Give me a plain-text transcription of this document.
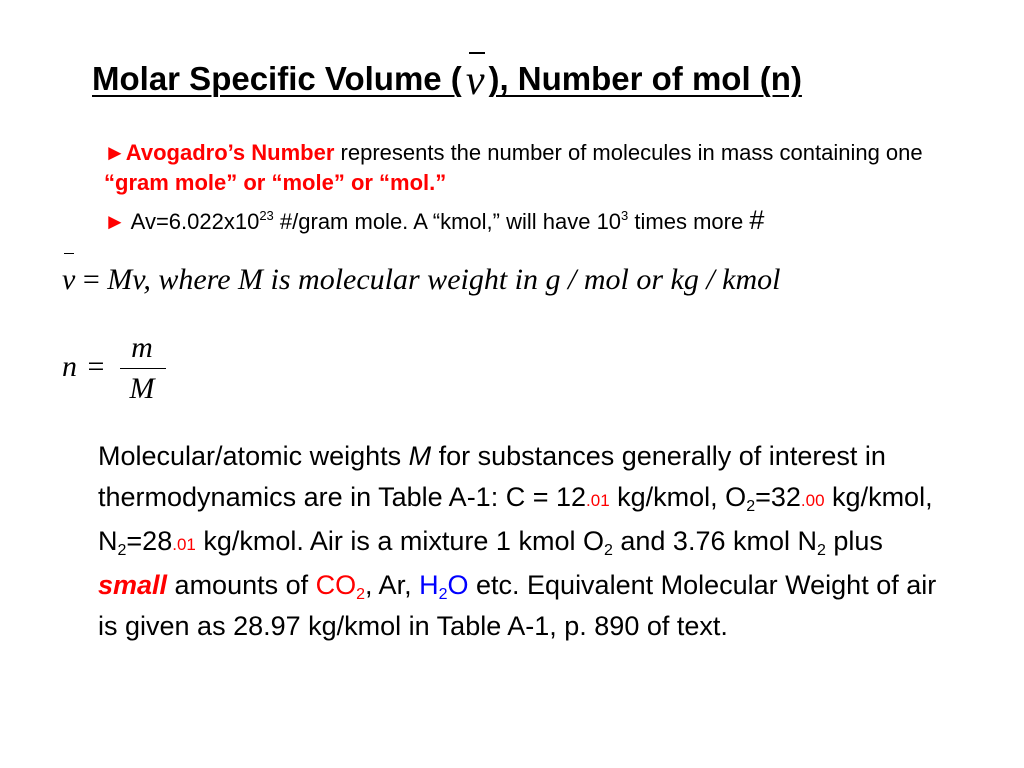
Molar Specific Volume (
v ), Number of mol (n)

►Avogadro’s Number represents the number of molecules in mass containing one “gram mole” or “mole” or “mol.”

► $Av=6.022x10^{23}$ #/gram mole. A “kmol,” will have $10^3$ times more #

v = Mv, where M is molecular weight in g / mol or kg / kmol
n =
m
M
Molecular/atomic weights M for substances generally of interest in thermodynamics are in Table A-1: C = 12.01 kg/kmol, $O_2=32.00$ kg/kmol, $N_2=28.01$ kg/kmol. Air is a mixture 1 kmol $O_2$ and 3.76 kmol $N_2$ plus small amounts of $CO_2$, Ar, $H_2O$ etc. Equivalent Molecular Weight of air is given as 28.97 kg/kmol in Table A-1, p. 890 of text.
